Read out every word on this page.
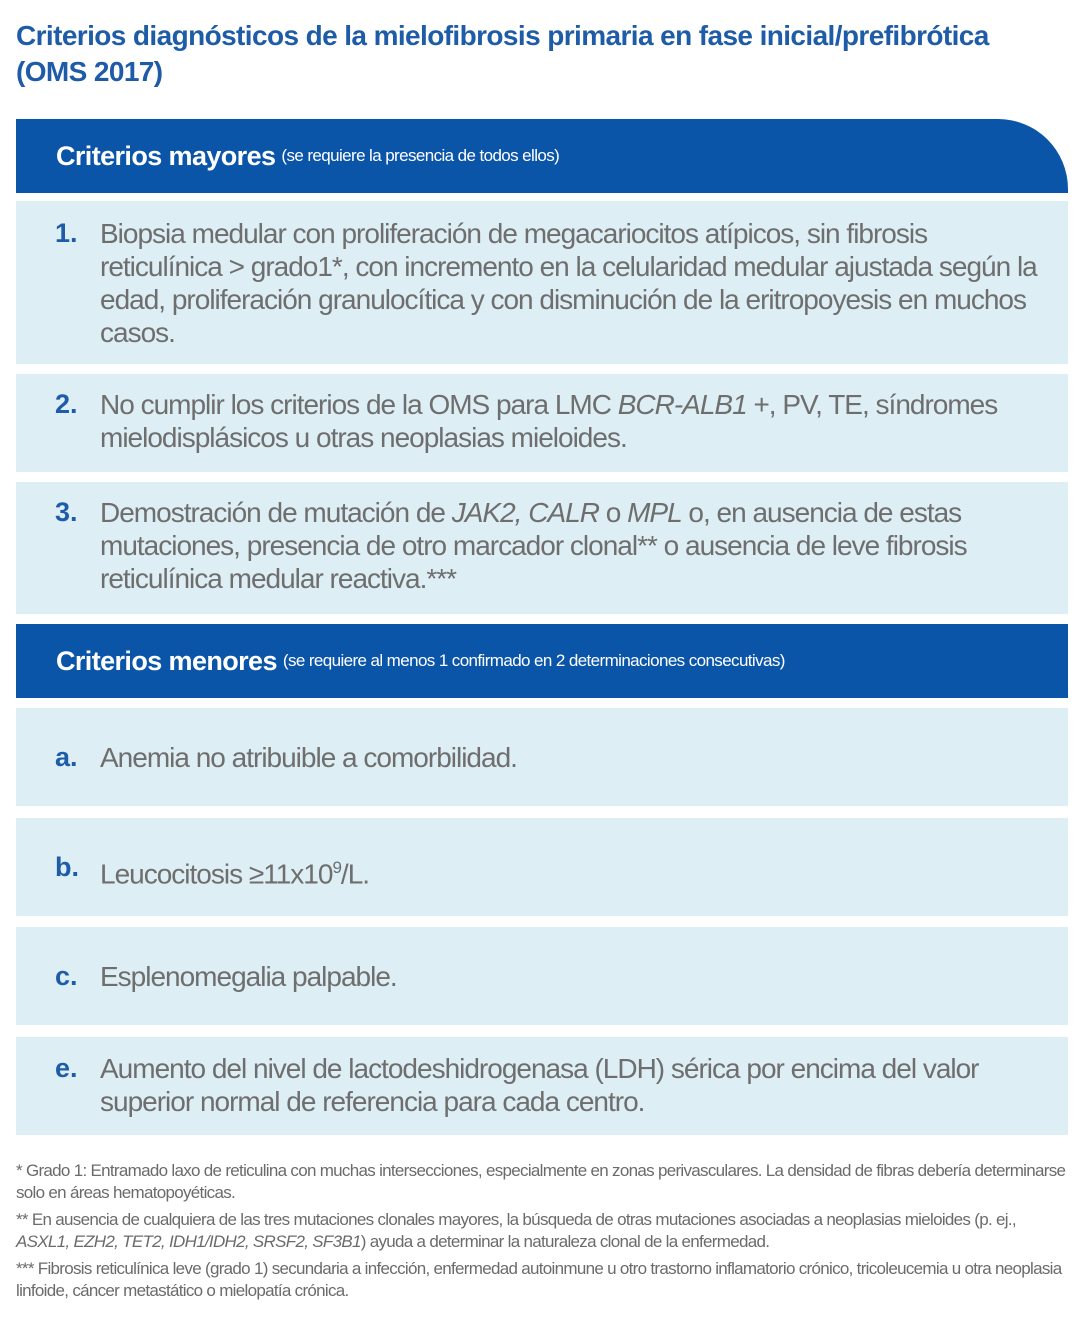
Criterios diagnósticos de la mielofibrosis primaria en fase inicial/prefibrótica (OMS 2017)
Criterios mayores (se requiere la presencia de todos ellos)
1. Biopsia medular con proliferación de megacariocitos atípicos, sin fibrosis reticulínica > grado1*, con incremento en la celularidad medular ajustada según la edad, proliferación granulocítica y con disminución de la eritropoyesis en muchos casos.
2. No cumplir los criterios de la OMS para LMC BCR-ALB1 +, PV, TE, síndromes mielodisplásicos u otras neoplasias mieloides.
3. Demostración de mutación de JAK2, CALR o MPL o, en ausencia de estas mutaciones, presencia de otro marcador clonal** o ausencia de leve fibrosis reticulínica medular reactiva.***
Criterios menores (se requiere al menos 1 confirmado en 2 determinaciones consecutivas)
a. Anemia no atribuible a comorbilidad.
b. Leucocitosis $\ge 11x10^9/L$.
c. Esplenomegalia palpable.
e. Aumento del nivel de lactodeshidrogenasa (LDH) sérica por encima del valor superior normal de referencia para cada centro.

* Grado 1: Entramado laxo de reticulina con muchas intersecciones, especialmente en zonas perivasculares. La densidad de fibras debería determinarse solo en áreas hematopoyéticas.

** En ausencia de cualquiera de las tres mutaciones clonales mayores, la búsqueda de otras mutaciones asociadas a neoplasias mieloides (p. ej., ASXL1, EZH2, TET2, IDH1/IDH2, SRSF2, SF3B1) ayuda a determinar la naturaleza clonal de la enfermedad.

*** Fibrosis reticulínica leve (grado 1) secundaria a infección, enfermedad autoinmune u otro trastorno inflamatorio crónico, tricoleucemia u otra neoplasia linfoide, cáncer metastático o mielopatía crónica.
